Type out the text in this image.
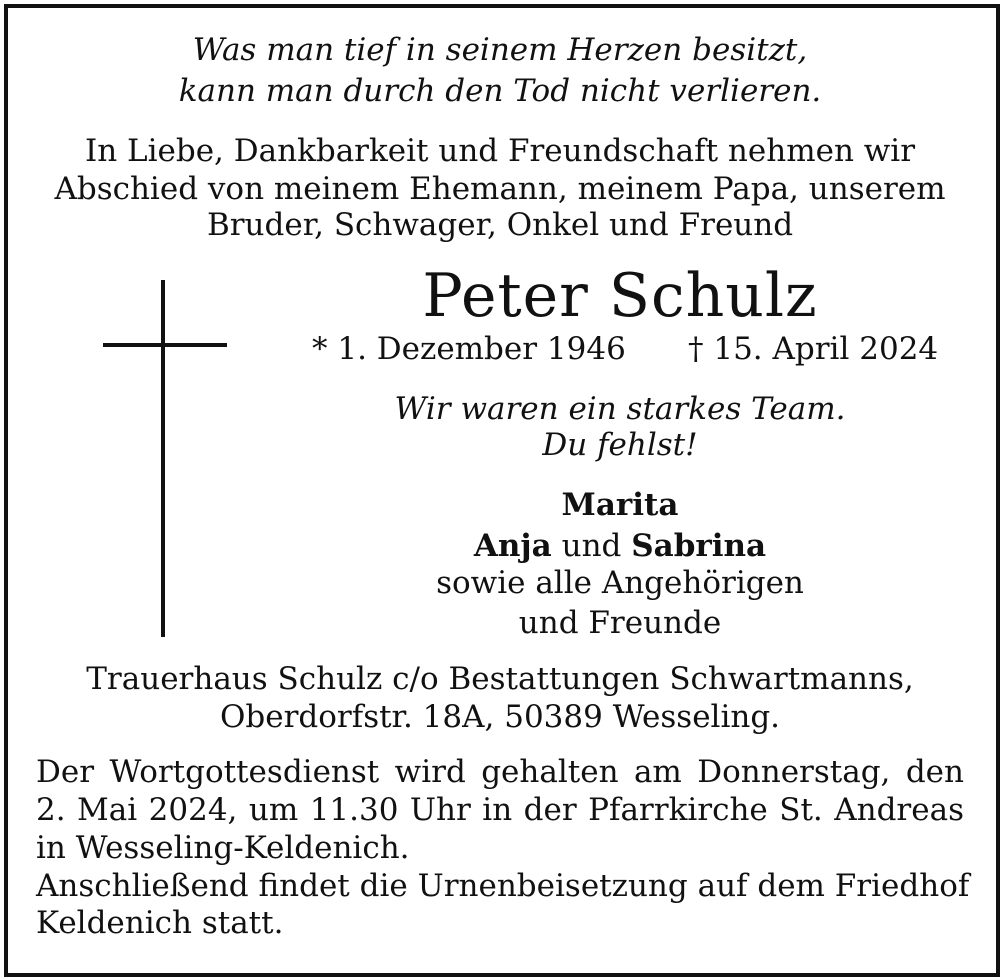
Was man tief in seinem Herzen besitzt,
kann man durch den Tod nicht verlieren.
In Liebe, Dankbarkeit und Freundschaft nehmen wir
Abschied von meinem Ehemann, meinem Papa, unserem
Bruder, Schwager, Onkel und Freund
Peter Schulz
* 1. Dezember 1946 † 15. April 2024
Wir waren ein starkes Team.
Du fehlst!
Marita
Anja und Sabrina
sowie alle Angehörigen
und Freunde
Trauerhaus Schulz c/o Bestattungen Schwartmanns,
Oberdorfstr. 18A, 50389 Wesseling.
Der Wortgottesdienst wird gehalten am Donnerstag, den
2. Mai 2024, um 11.30 Uhr in der Pfarrkirche St. Andreas
in Wesseling-Keldenich.
Anschließend findet die Urnenbeisetzung auf dem Friedhof
Keldenich statt.
